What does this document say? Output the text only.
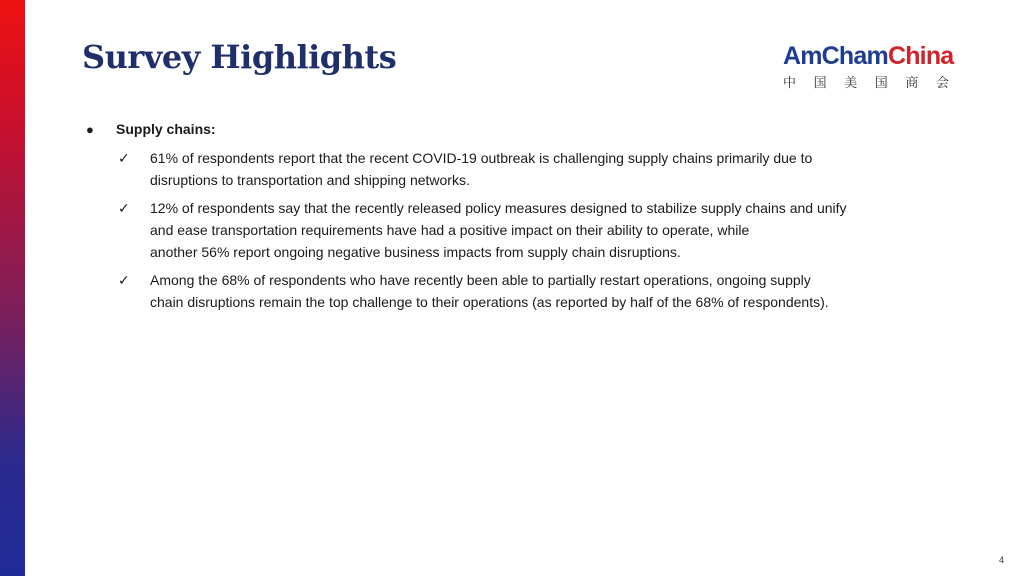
Survey Highlights	AmChamChina
中 国 美 国 商 会
●	Supply chains:
✓	61% of respondents report that the recent COVID-19 outbreak is challenging supply chains primarily due to
disruptions to transportation and shipping networks.
✓	12% of respondents say that the recently released policy measures designed to stabilize supply chains and unify
and ease transportation requirements have had a positive impact on their ability to operate, while
another 56% report ongoing negative business impacts from supply chain disruptions.
✓	Among the 68% of respondents who have recently been able to partially restart operations, ongoing supply
chain disruptions remain the top challenge to their operations (as reported by half of the 68% of respondents).
4
